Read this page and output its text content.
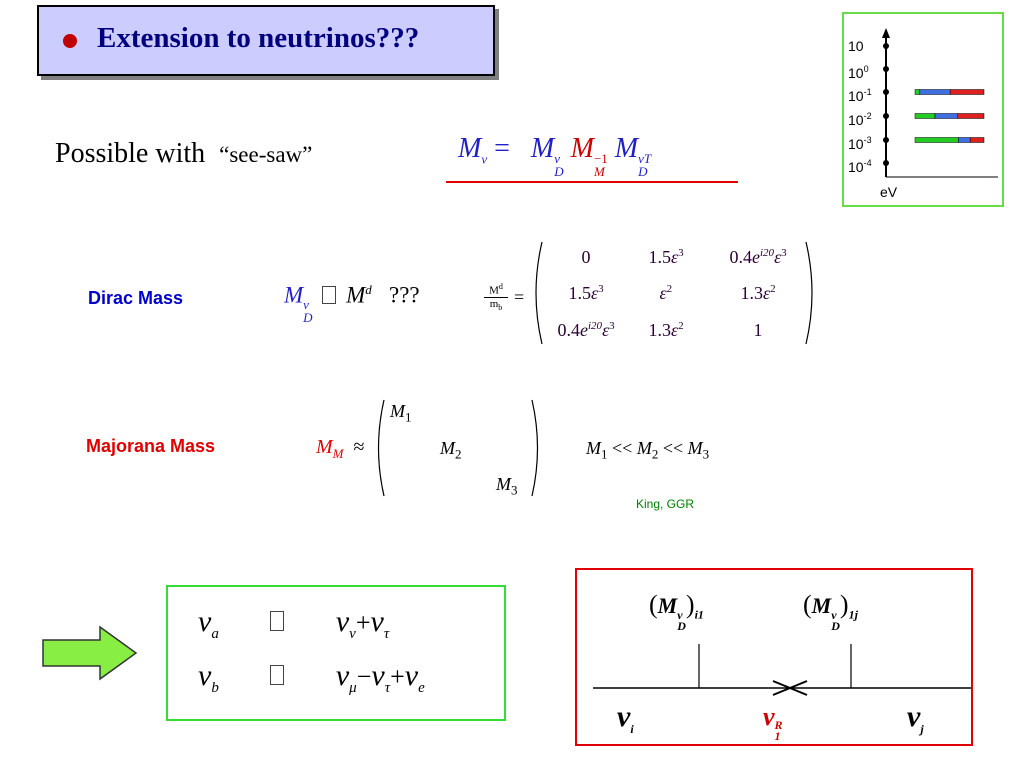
Extension to neutrinos???
Possible with “see-saw”	$M_\nu = M$ ν
D
M −1
M
M νT
D
Dirac Mass	M ν
D
$M^d$ ???	$M^d$
$m_b$
=
0	$1.5\varepsilon^3$	$0.4e^{i20}\varepsilon^3$
$1.5\varepsilon^3$	$\varepsilon^2$	$1.3\varepsilon^2$
$0.4e^{i20}\varepsilon^3$ $1.3\varepsilon^2$	1
Majorana Mass	$M_M$ ≈
$M_1$
$M_2$
$M_3$
$M_1 << M_2 << M_3$
King, GGR
10
$10^0$
$10^{-1}$
$10^{-2}$
$10^{-3}$
$10^{-4}$
eV
$\nu_a$	$\nu_\nu+\nu_\tau$
$\nu_b$	$\nu_\mu-\nu_\tau+\nu_e$
(M ν
D
)$_{i1}$	(M ν
D
)$_{1j}$
$\nu_i$	ν R
1
$\nu_j$
